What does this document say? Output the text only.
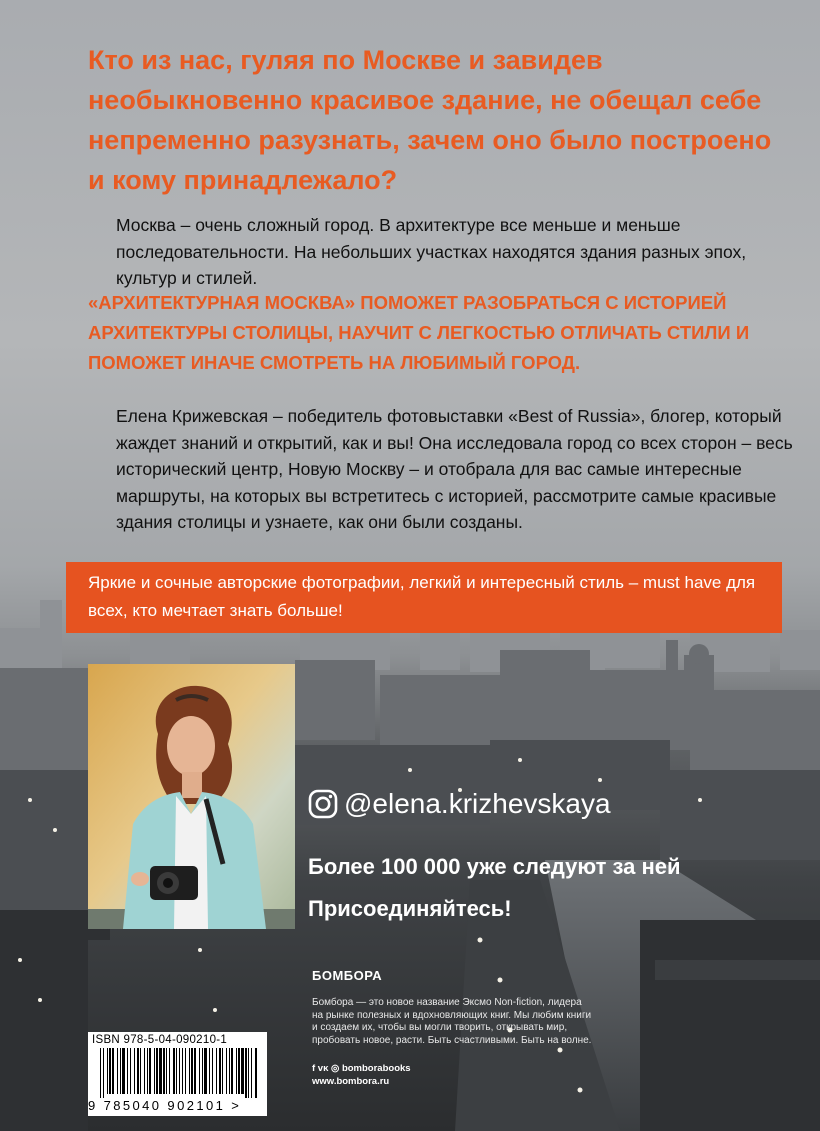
Кто из нас, гуляя по Москве и завидев необыкновенно красивое здание, не обещал себе непременно разузнать, зачем оно было построено и кому принадлежало?
Москва – очень сложный город. В архитектуре все меньше и меньше последовательности. На небольших участках находятся здания разных эпох, культур и стилей.
«АРХИТЕКТУРНАЯ МОСКВА» ПОМОЖЕТ РАЗОБРАТЬСЯ С ИСТОРИЕЙ АРХИТЕКТУРЫ СТОЛИЦЫ, НАУЧИТ С ЛЕГКОСТЬЮ ОТЛИЧАТЬ СТИЛИ И ПОМОЖЕТ ИНАЧЕ СМОТРЕТЬ НА ЛЮБИМЫЙ ГОРОД.
Елена Крижевская – победитель фотовыставки «Best of Russia», блогер, который жаждет знаний и открытий, как и вы! Она исследовала город со всех сторон – весь исторический центр, Новую Москву – и отобрала для вас самые интересные маршруты, на которых вы встретитесь с историей, рассмотрите самые красивые здания столицы и узнаете, как они были созданы.
Яркие и сочные авторские фотографии, легкий и интересный стиль – must have для всех, кто мечтает знать больше!
@elena.krizhevskaya
Более 100 000 уже следуют за ней
Присоединяйтесь!
БОМБОРА
Бомбора — это новое название Эксмо Non-fiction, лидера на рынке полезных и вдохновляющих книг. Мы любим книги и создаем их, чтобы вы могли творить, открывать мир, пробовать новое, расти. Быть счастливыми. Быть на волне.
f ᴠᴋ ◎ bomborabooks
www.bombora.ru
ISBN 978-5-04-090210-1
9 785040 902101 >
